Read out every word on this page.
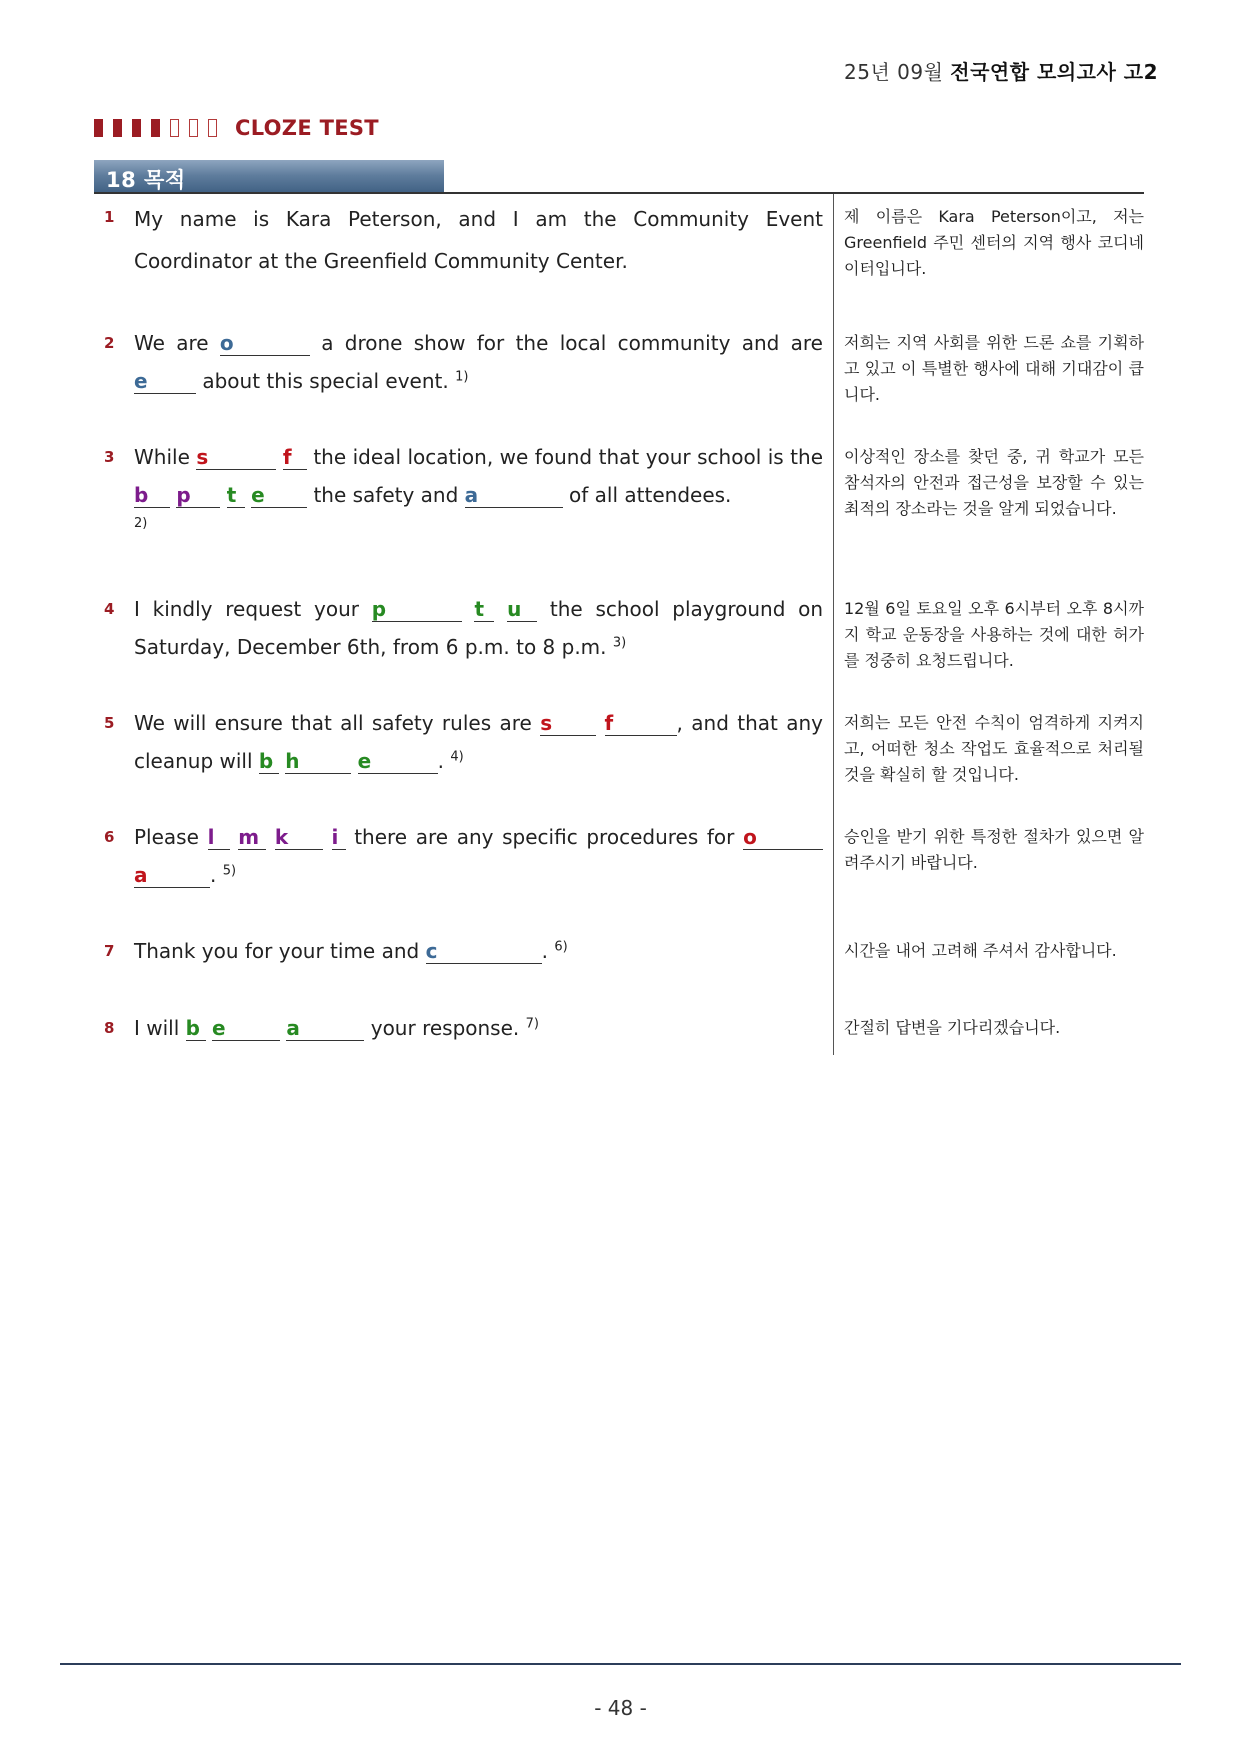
25년 09월 전국연합 모의고사 고2
CLOZE TEST
18 목적
1 My name is Kara Peterson, and I am the Community Event Coordinator at the Greenfield Community Center.
제 이름은 Kara Peterson이고, 저는 Greenfield 주민 센터의 지역 행사 코디네이터입니다.
2 We are o	a drone show for the local community and are e	about this special event. $^{1)}$
저희는 지역 사회를 위한 드론 쇼를 기획하고 있고 이 특별한 행사에 대해 기대감이 큽니다.
3 While s	f the ideal location, we found that your school is the b p t e the safety and a	of all attendees.
$^{2)}$
이상적인 장소를 찾던 중, 귀 학교가 모든 참석자의 안전과 접근성을 보장할 수 있는 최적의 장소라는 것을 알게 되었습니다.
4 I kindly request your p	t u the school playground on Saturday, December 6th, from 6 p.m. to 8 p.m. $^{3)}$
12월 6일 토요일 오후 6시부터 오후 8시까지 학교 운동장을 사용하는 것에 대한 허가를 정중히 요청드립니다.
5 We will ensure that all safety rules are s	f	, and that any cleanup will b h	e	. $^{4)}$
저희는 모든 안전 수칙이 엄격하게 지켜지고, 어떠한 청소 작업도 효율적으로 처리될 것을 확실히 할 것입니다.
6 Please l m k i there are any specific procedures for o a	. $^{5)}$
승인을 받기 위한 특정한 절차가 있으면 알려주시기 바랍니다.
7 Thank you for your time and c	. $^{6)}$	시간을 내어 고려해 주셔서 감사합니다.
8 I will b e	a	your response. $^{7)}$	간절히 답변을 기다리겠습니다.
- 48 -
